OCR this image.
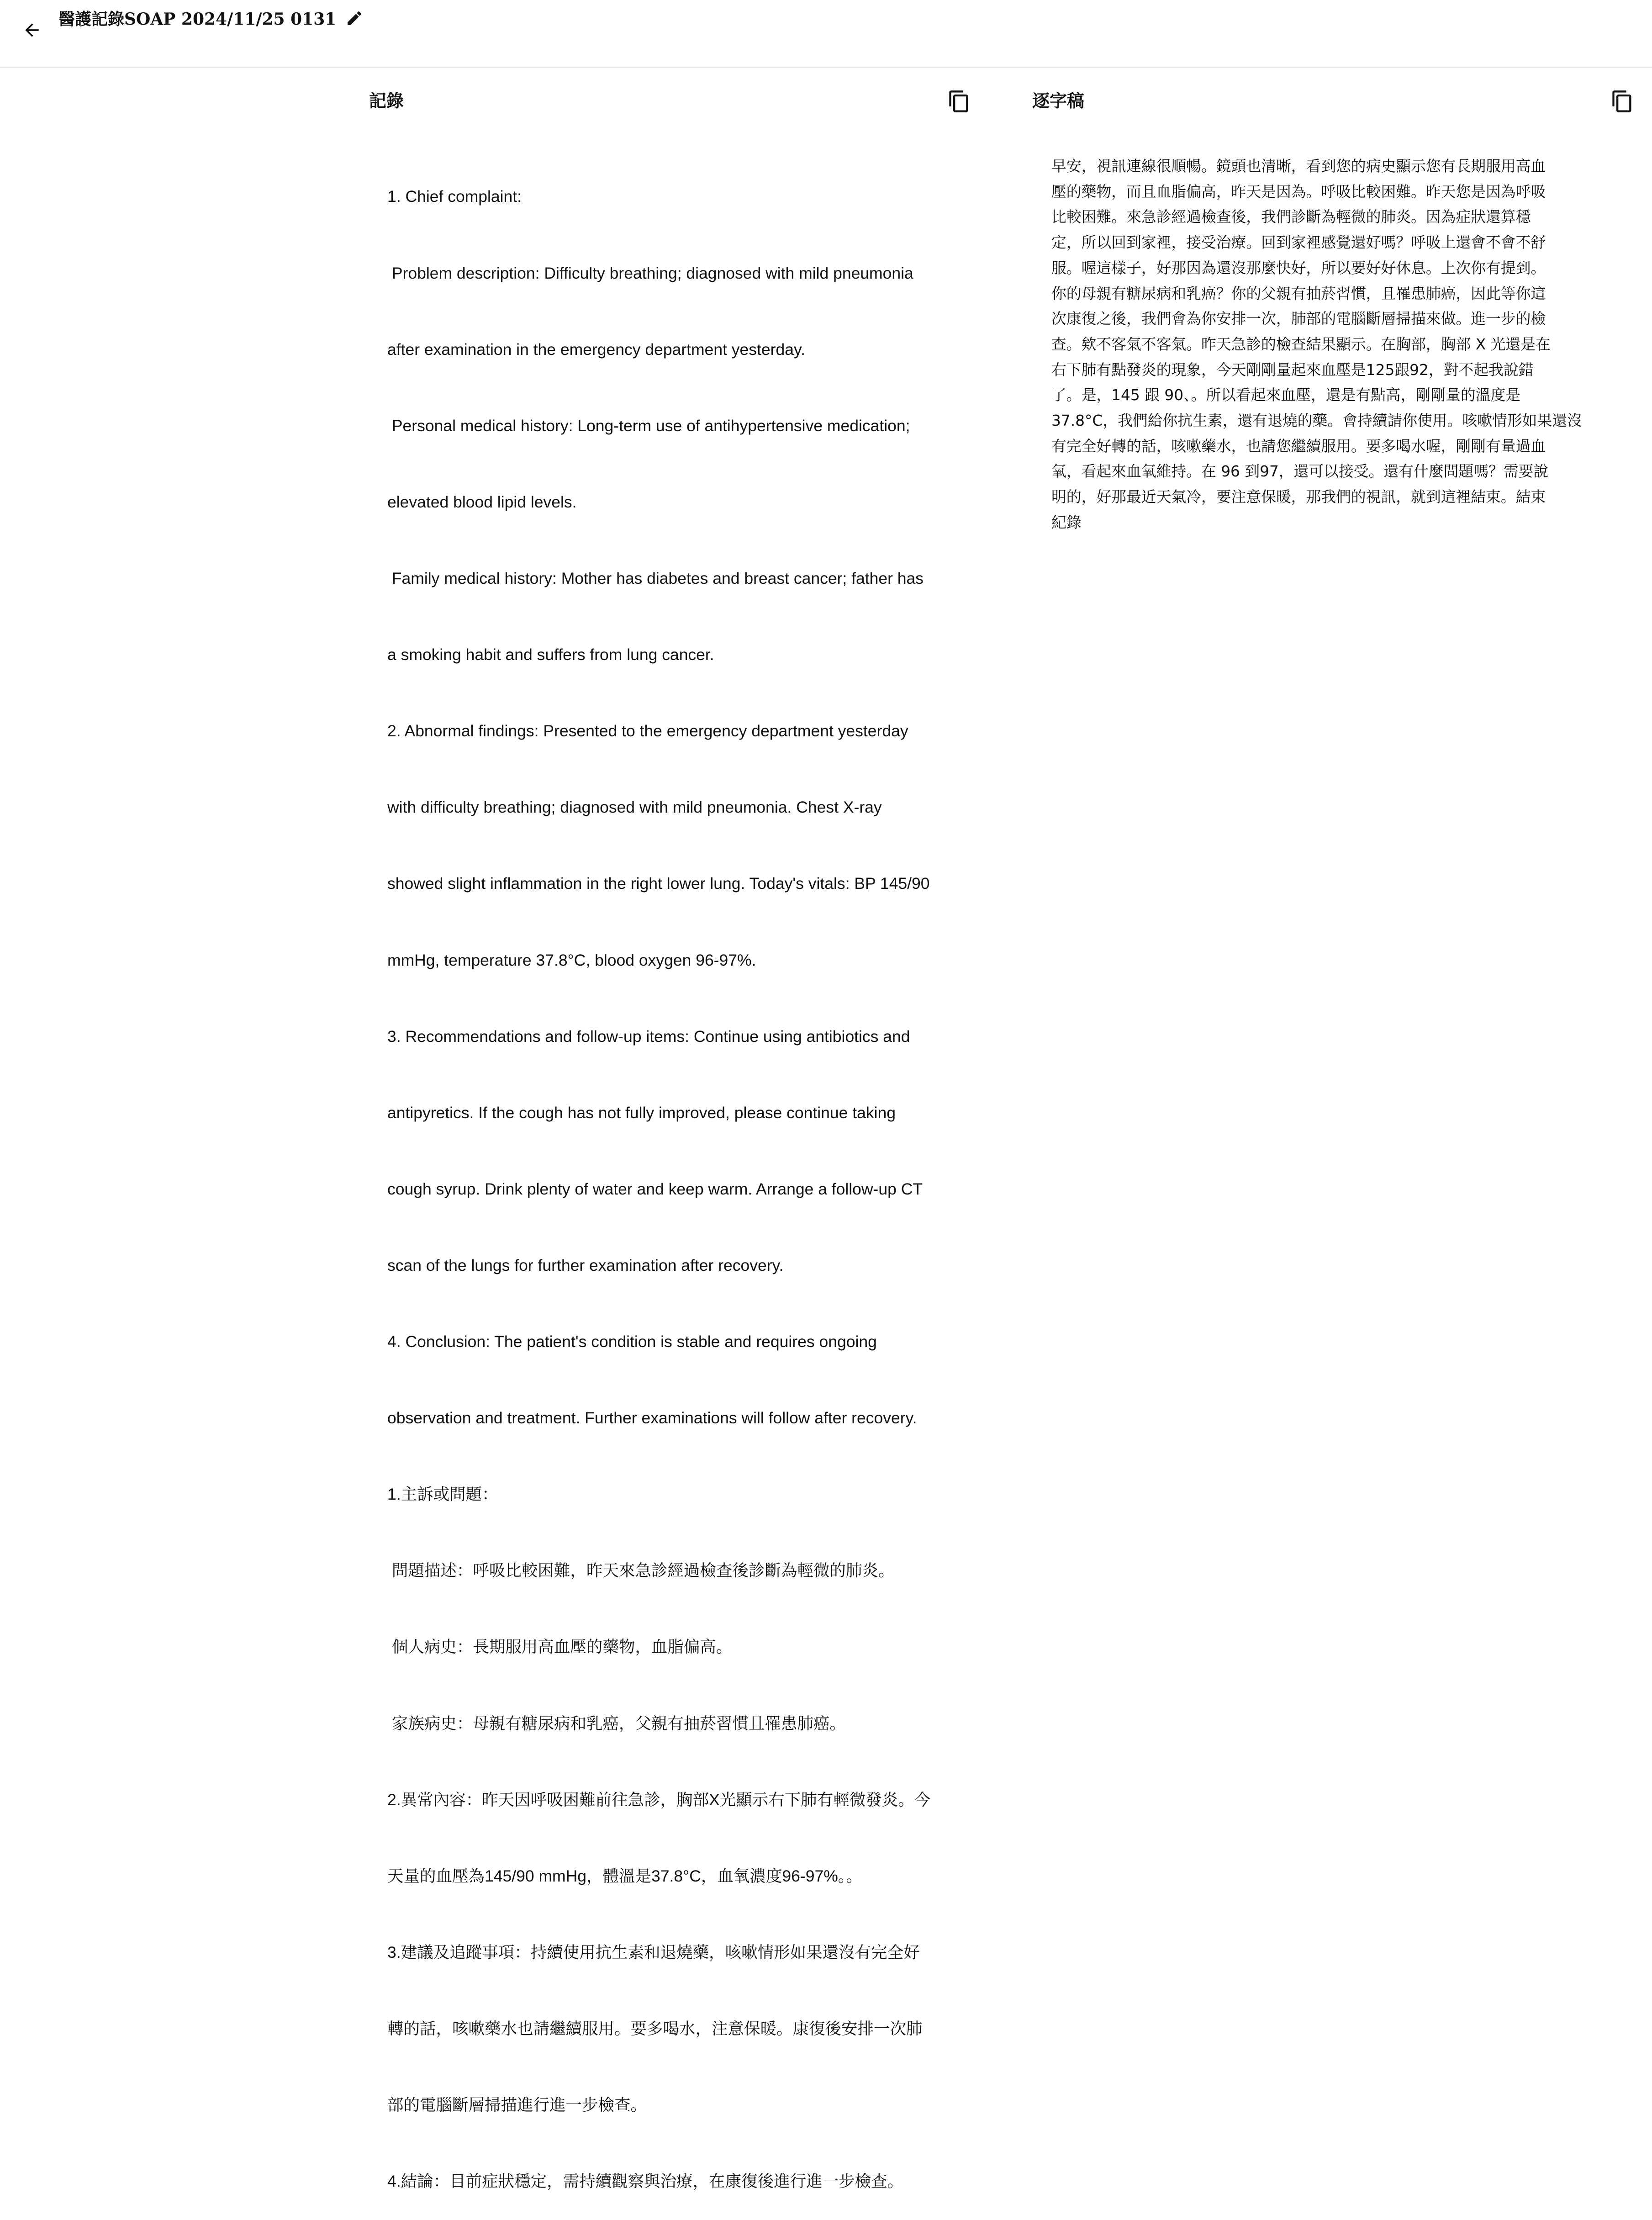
醫護記錄SOAP 2024/11/25 0131
記錄

1. Chief complaint:

Problem description: Difficulty breathing; diagnosed with mild pneumonia

after examination in the emergency department yesterday.

Personal medical history: Long-term use of antihypertensive medication;

elevated blood lipid levels.

Family medical history: Mother has diabetes and breast cancer; father has

a smoking habit and suffers from lung cancer.

2. Abnormal findings: Presented to the emergency department yesterday

with difficulty breathing; diagnosed with mild pneumonia. Chest X-ray

showed slight inflammation in the right lower lung. Today's vitals: BP 145/90

mmHg, temperature 37.8°C, blood oxygen 96-97%.

3. Recommendations and follow-up items: Continue using antibiotics and

antipyretics. If the cough has not fully improved, please continue taking

cough syrup. Drink plenty of water and keep warm. Arrange a follow-up CT

scan of the lungs for further examination after recovery.

4. Conclusion: The patient's condition is stable and requires ongoing

observation and treatment. Further examinations will follow after recovery.

1.主訴或問題：

問題描述：呼吸比較困難，昨天來急診經過檢查後診斷為輕微的肺炎。

個人病史：長期服用高血壓的藥物，血脂偏高。

家族病史：母親有糖尿病和乳癌，父親有抽菸習慣且罹患肺癌。

2.異常內容：昨天因呼吸困難前往急診，胸部X光顯示右下肺有輕微發炎。今

天量的血壓為145/90 mmHg，體溫是37.8°C，血氧濃度96-97%。。

3.建議及追蹤事項：持續使用抗生素和退燒藥，咳嗽情形如果還沒有完全好

轉的話，咳嗽藥水也請繼續服用。要多喝水，注意保暖。康復後安排一次肺

部的電腦斷層掃描進行進一步檢查。

4.結論：目前症狀穩定，需持續觀察與治療，在康復後進行進一步檢查。

逐字稿
早安，視訊連線很順暢。鏡頭也清晰，看到您的病史顯示您有長期服用高血
壓的藥物，而且血脂偏高，昨天是因為。呼吸比較困難。昨天您是因為呼吸
比較困難。來急診經過檢查後，我們診斷為輕微的肺炎。因為症狀還算穩
定，所以回到家裡，接受治療。回到家裡感覺還好嗎？呼吸上還會不會不舒
服。喔這樣子，好那因為還沒那麼快好，所以要好好休息。上次你有提到。
你的母親有糖尿病和乳癌？你的父親有抽菸習慣，且罹患肺癌，因此等你這
次康復之後，我們會為你安排一次，肺部的電腦斷層掃描來做。進一步的檢
查。欸不客氣不客氣。昨天急診的檢查結果顯示。在胸部，胸部 X 光還是在
右下肺有點發炎的現象，今天剛剛量起來血壓是125跟92，對不起我說錯
了。是，145 跟 90、。所以看起來血壓，還是有點高，剛剛量的溫度是
37.8°C，我們給你抗生素，還有退燒的藥。會持續請你使用。咳嗽情形如果還沒
有完全好轉的話，咳嗽藥水，也請您繼續服用。要多喝水喔，剛剛有量過血
氧，看起來血氧維持。在 96 到97，還可以接受。還有什麼問題嗎？需要說
明的，好那最近天氣冷，要注意保暖，那我們的視訊，就到這裡結束。結束
紀錄
